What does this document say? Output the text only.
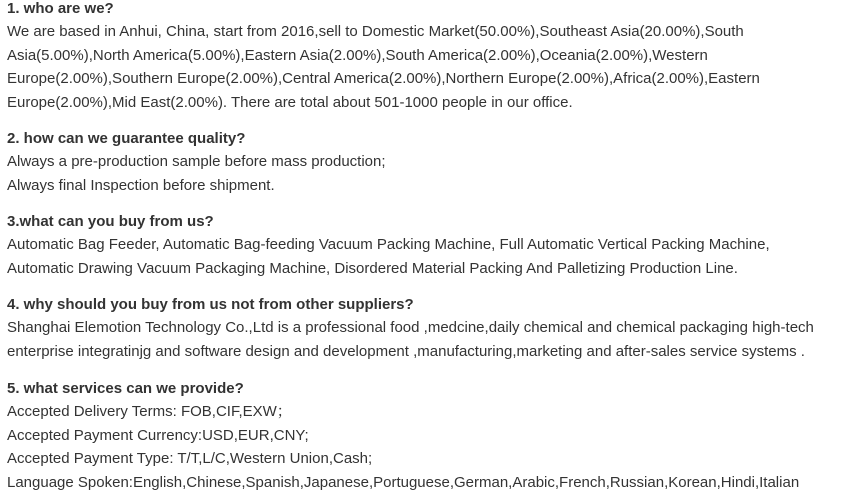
1. who are we?

We are based in Anhui, China, start from 2016,sell to Domestic Market(50.00%),Southeast Asia(20.00%),South
Asia(5.00%),North America(5.00%),Eastern Asia(2.00%),South America(2.00%),Oceania(2.00%),Western
Europe(2.00%),Southern Europe(2.00%),Central America(2.00%),Northern Europe(2.00%),Africa(2.00%),Eastern
Europe(2.00%),Mid East(2.00%). There are total about 501-1000 people in our office.

2. how can we guarantee quality?

Always a pre-production sample before mass production;
Always final Inspection before shipment.

3.what can you buy from us?

Automatic Bag Feeder, Automatic Bag-feeding Vacuum Packing Machine, Full Automatic Vertical Packing Machine,
Automatic Drawing Vacuum Packaging Machine, Disordered Material Packing And Palletizing Production Line.

4. why should you buy from us not from other suppliers?

Shanghai Elemotion Technology Co.,Ltd is a professional food ,medcine,daily chemical and chemical packaging high-tech
enterprise integratinjg and software design and development ,manufacturing,marketing and after-sales service systems .

5. what services can we provide?

Accepted Delivery Terms: FOB,CIF,EXW；
Accepted Payment Currency:USD,EUR,CNY;
Accepted Payment Type: T/T,L/C,Western Union,Cash;
Language Spoken:English,Chinese,Spanish,Japanese,Portuguese,German,Arabic,French,Russian,Korean,Hindi,Italian
